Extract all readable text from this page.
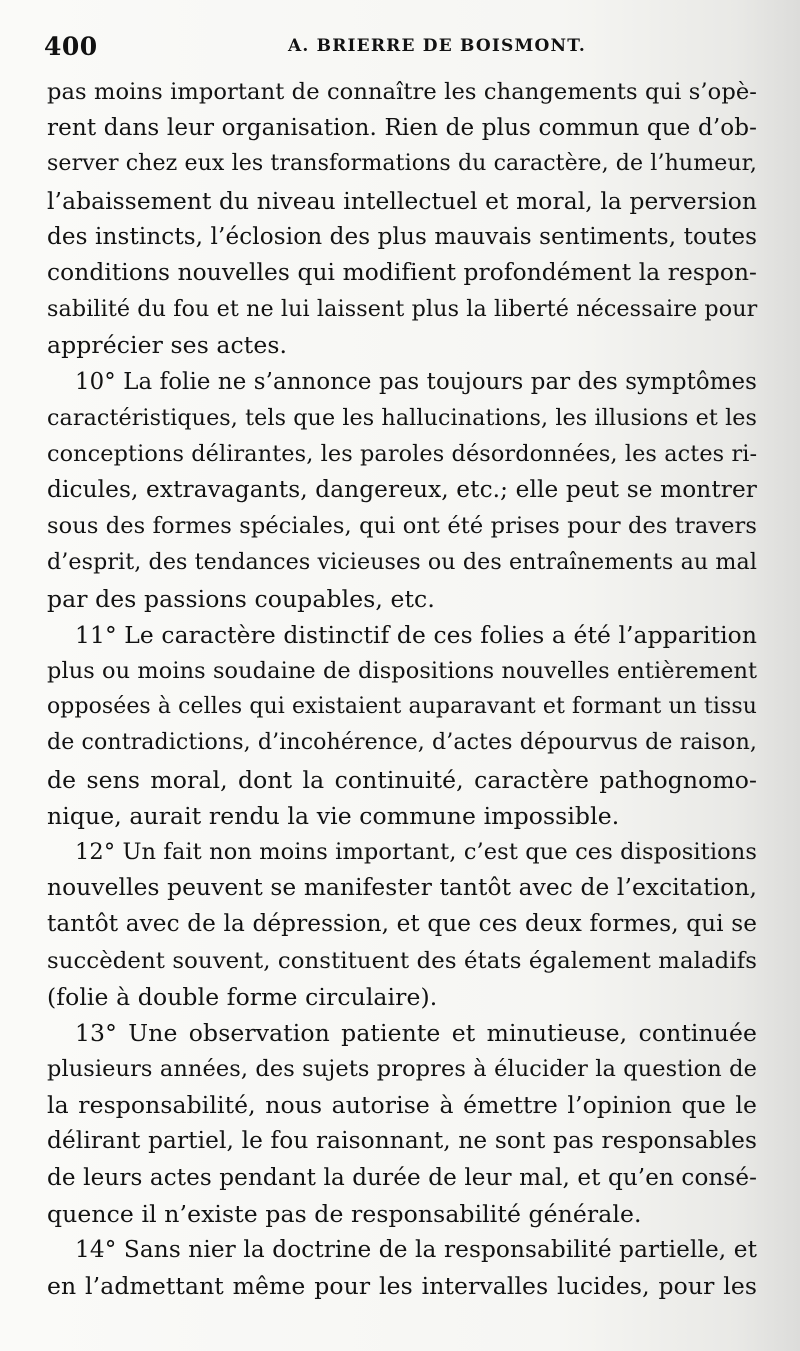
400	A. BRIERRE DE BOISMONT.
pas moins important de connaître les changements qui s’opè-
rent dans leur organisation. Rien de plus commun que d’ob-
server chez eux les transformations du caractère, de l’humeur,
l’abaissement du niveau intellectuel et moral, la perversion
des instincts, l’éclosion des plus mauvais sentiments, toutes
conditions nouvelles qui modifient profondément la respon-
sabilité du fou et ne lui laissent plus la liberté nécessaire pour
apprécier ses actes.
10° La folie ne s’annonce pas toujours par des symptômes
caractéristiques, tels que les hallucinations, les illusions et les
conceptions délirantes, les paroles désordonnées, les actes ri-
dicules, extravagants, dangereux, etc.; elle peut se montrer
sous des formes spéciales, qui ont été prises pour des travers
d’esprit, des tendances vicieuses ou des entraînements au mal
par des passions coupables, etc.
11° Le caractère distinctif de ces folies a été l’apparition
plus ou moins soudaine de dispositions nouvelles entièrement
opposées à celles qui existaient auparavant et formant un tissu
de contradictions, d’incohérence, d’actes dépourvus de raison,
de sens moral, dont la continuité, caractère pathognomo-
nique, aurait rendu la vie commune impossible.
12° Un fait non moins important, c’est que ces dispositions
nouvelles peuvent se manifester tantôt avec de l’excitation,
tantôt avec de la dépression, et que ces deux formes, qui se
succèdent souvent, constituent des états également maladifs
(folie à double forme circulaire).
13° Une observation patiente et minutieuse, continuée
plusieurs années, des sujets propres à élucider la question de
la responsabilité, nous autorise à émettre l’opinion que le
délirant partiel, le fou raisonnant, ne sont pas responsables
de leurs actes pendant la durée de leur mal, et qu’en consé-
quence il n’existe pas de responsabilité générale.
14° Sans nier la doctrine de la responsabilité partielle, et
en l’admettant même pour les intervalles lucides, pour les
